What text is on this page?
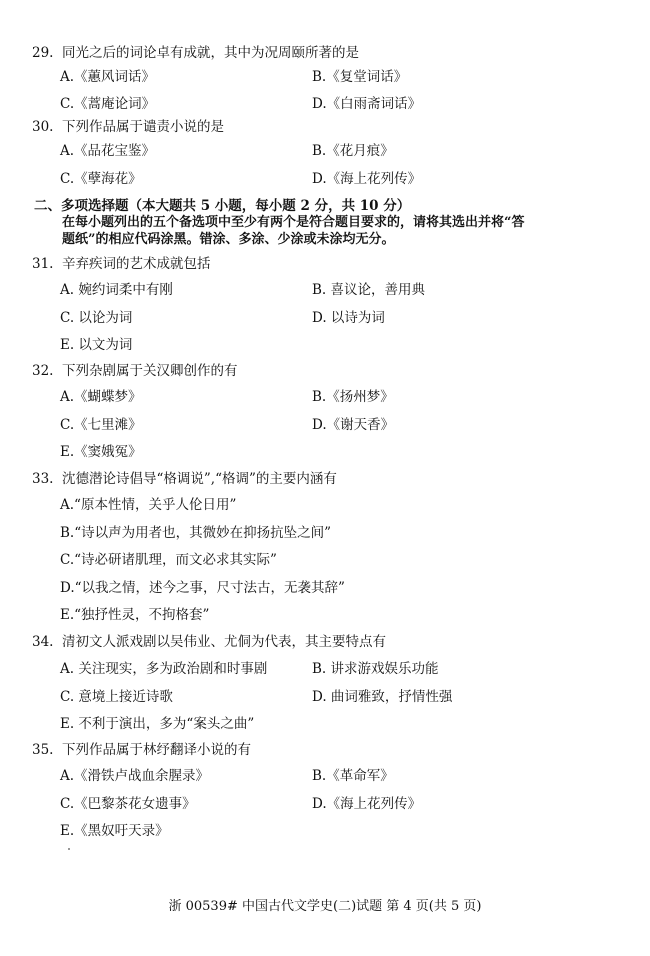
29. 同光之后的词论卓有成就，其中为况周颐所著的是
A.《蕙风词话》	B.《复堂词话》
C.《蒿庵论词》	D.《白雨斋词话》
30. 下列作品属于谴责小说的是
A.《品花宝鉴》	B.《花月痕》
C.《孽海花》	D.《海上花列传》
二、多项选择题（本大题共 5 小题，每小题 2 分，共 10 分）
在每小题列出的五个备选项中至少有两个是符合题目要求的，请将其选出并将“答
题纸”的相应代码涂黑。错涂、多涂、少涂或未涂均无分。
31. 辛弃疾词的艺术成就包括
A. 婉约词柔中有刚	B. 喜议论，善用典
C. 以论为词	D. 以诗为词
E. 以文为词
32. 下列杂剧属于关汉卿创作的有
A.《蝴蝶梦》	B.《扬州梦》
C.《七里滩》	D.《谢天香》
E.《窦娥冤》
33. 沈德潜论诗倡导“格调说”,“格调”的主要内涵有
A.“原本性情，关乎人伦日用”
B.“诗以声为用者也，其微妙在抑扬抗坠之间”
C.“诗必研诸肌理，而文必求其实际”
D.“以我之情，述今之事，尺寸法古，无袭其辞”
E.“独抒性灵，不拘格套”
34. 清初文人派戏剧以吴伟业、尤侗为代表，其主要特点有
A. 关注现实，多为政治剧和时事剧	B. 讲求游戏娱乐功能
C. 意境上接近诗歌	D. 曲词雅致，抒情性强
E. 不利于演出，多为“案头之曲”
35. 下列作品属于林纾翻译小说的有
A.《滑铁卢战血余腥录》	B.《革命军》
C.《巴黎茶花女遗事》	D.《海上花列传》
E.《黑奴吁天录》
浙 00539# 中国古代文学史(二)试题 第 4 页(共 5 页)
